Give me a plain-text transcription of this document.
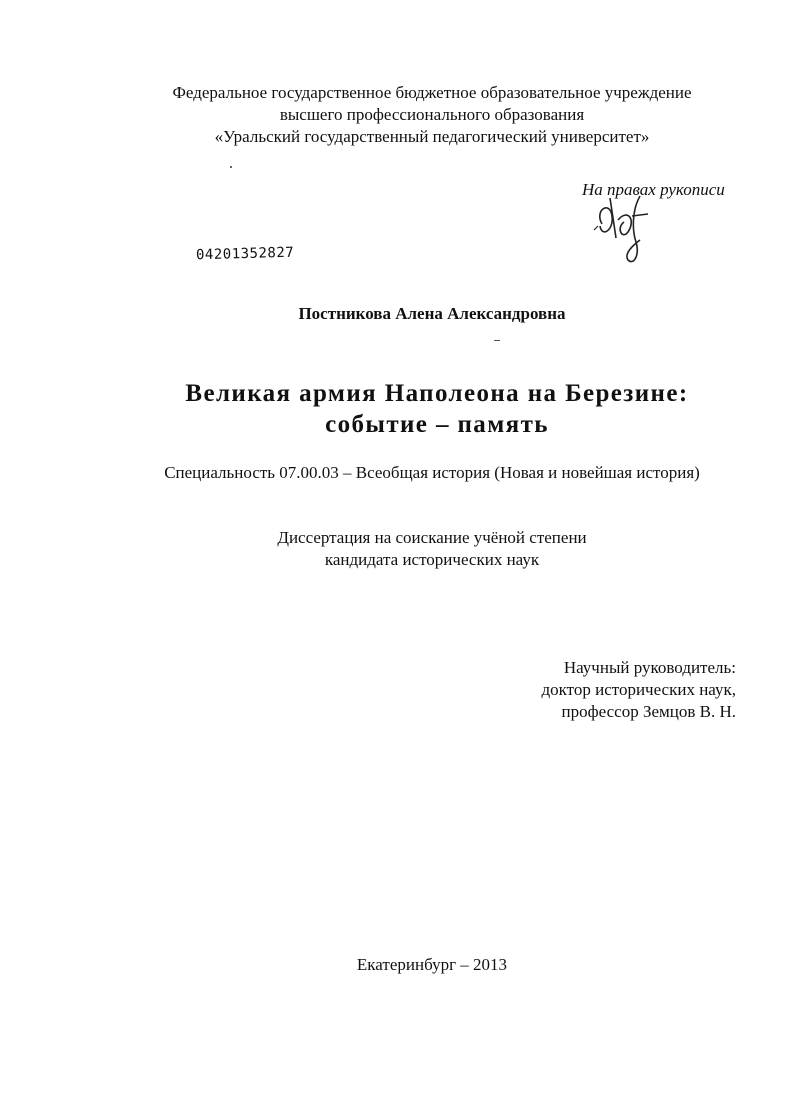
Федеральное государственное бюджетное образовательное учреждение
высшего профессионального образования
«Уральский государственный педагогический университет»
На правах рукописи
04201352827
Постникова Алена Александровна
Великая армия Наполеона на Березине:
событие – память
Специальность 07.00.03 – Всеобщая история (Новая и новейшая история)
Диссертация на соискание учёной степени
кандидата исторических наук
Научный руководитель:
доктор исторических наук,
профессор Земцов В. Н.
Екатеринбург – 2013
